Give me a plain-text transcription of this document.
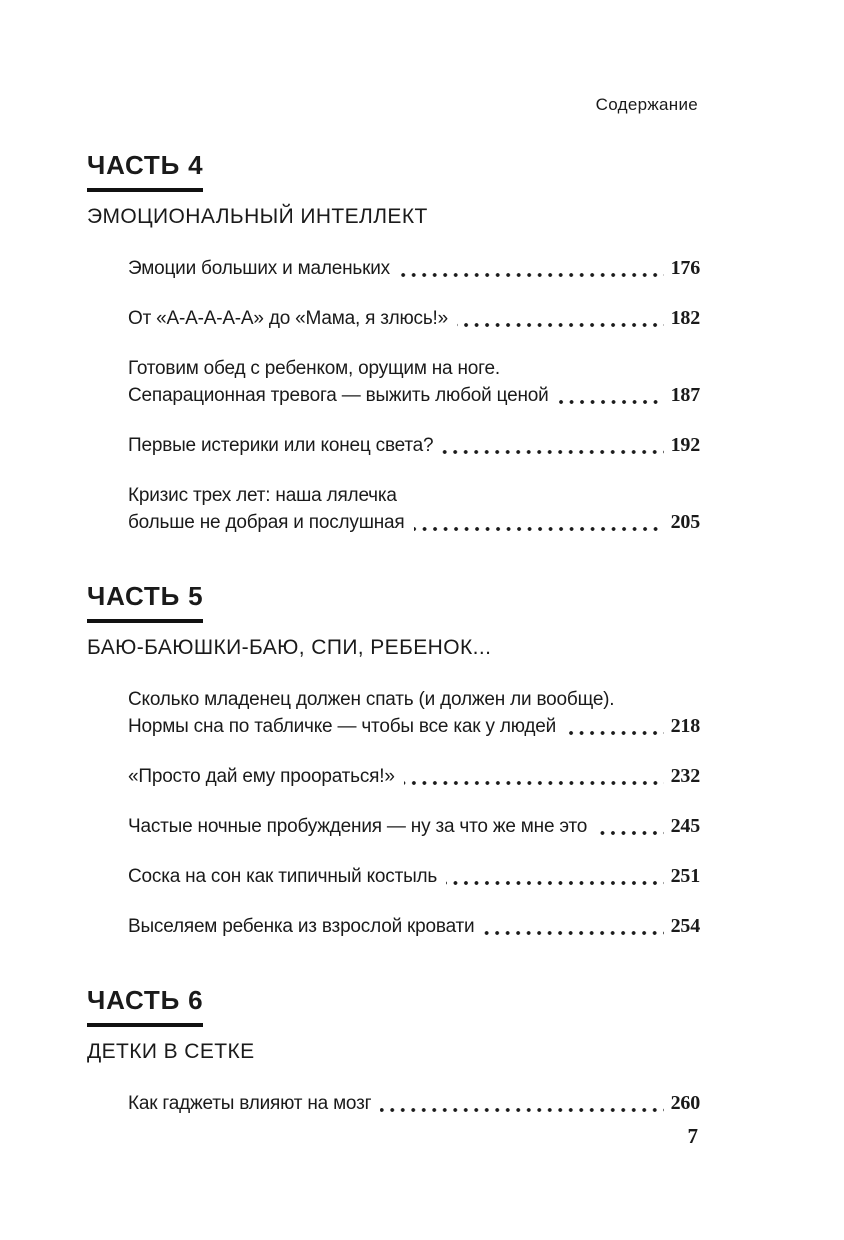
Содержание
ЧАСТЬ 4
ЭМОЦИОНАЛЬНЫЙ ИНТЕЛЛЕКТ
Эмоции больших и маленьких	176
От «А-А-А-А-А» до «Мама, я злюсь!»	182
Готовим обед с ребенком, орущим на ноге.
Сепарационная тревога — выжить любой ценой	187
Первые истерики или конец света?	192
Кризис трех лет: наша лялечка
больше не добрая и послушная	205
ЧАСТЬ 5
БАЮ-БАЮШКИ-БАЮ, СПИ, РЕБЕНОК...
Сколько младенец должен спать (и должен ли вообще).
Нормы сна по табличке — чтобы все как у людей	218
«Просто дай ему проораться!»	232
Частые ночные пробуждения — ну за что же мне это	245
Соска на сон как типичный костыль	251
Выселяем ребенка из взрослой кровати	254
ЧАСТЬ 6
ДЕТКИ В СЕТКЕ
Как гаджеты влияют на мозг	260
7
